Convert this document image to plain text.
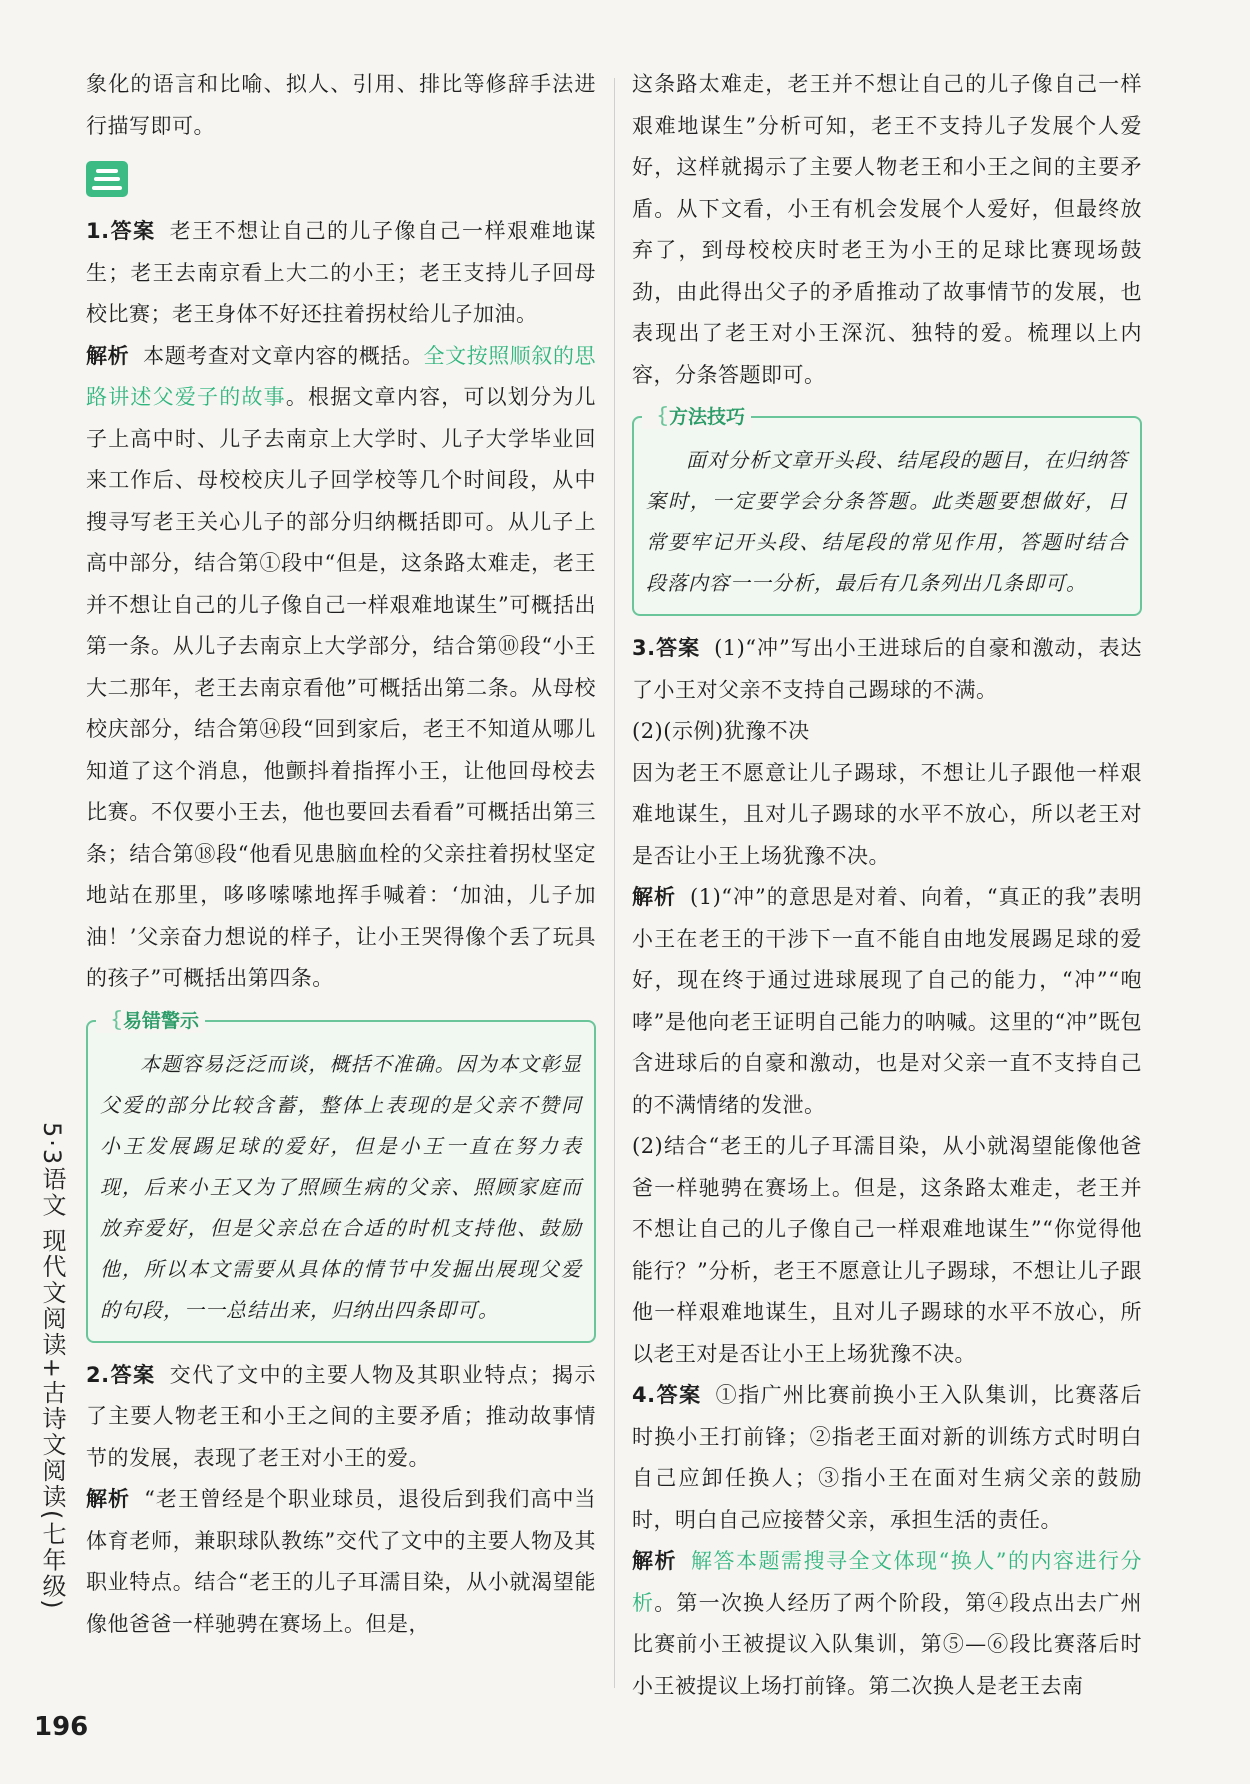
象化的语言和比喻、拟人、引用、排比等修辞手法进行描写即可。

1.答案 老王不想让自己的儿子像自己一样艰难地谋生；老王去南京看上大二的小王；老王支持儿子回母校比赛；老王身体不好还拄着拐杖给儿子加油。

解析 本题考查对文章内容的概括。全文按照顺叙的思路讲述父爱子的故事。根据文章内容，可以划分为儿子上高中时、儿子去南京上大学时、儿子大学毕业回来工作后、母校校庆儿子回学校等几个时间段，从中搜寻写老王关心儿子的部分归纳概括即可。从儿子上高中部分，结合第①段中“但是，这条路太难走，老王并不想让自己的儿子像自己一样艰难地谋生”可概括出第一条。从儿子去南京上大学部分，结合第⑩段“小王大二那年，老王去南京看他”可概括出第二条。从母校校庆部分，结合第⑭段“回到家后，老王不知道从哪儿知道了这个消息，他颤抖着指挥小王，让他回母校去比赛。不仅要小王去，他也要回去看看”可概括出第三条；结合第⑱段“他看见患脑血栓的父亲拄着拐杖坚定地站在那里，哆哆嗦嗦地挥手喊着：‘加油，儿子加油！’父亲奋力想说的样子，让小王哭得像个丢了玩具的孩子”可概括出第四条。

｛ 易错警示

本题容易泛泛而谈，概括不准确。因为本文彰显父爱的部分比较含蓄，整体上表现的是父亲不赞同小王发展踢足球的爱好，但是小王一直在努力表现，后来小王又为了照顾生病的父亲、照顾家庭而放弃爱好，但是父亲总在合适的时机支持他、鼓励他，所以本文需要从具体的情节中发掘出展现父爱的句段，一一总结出来，归纳出四条即可。

2.答案 交代了文中的主要人物及其职业特点；揭示了主要人物老王和小王之间的主要矛盾；推动故事情节的发展，表现了老王对小王的爱。

解析 “老王曾经是个职业球员，退役后到我们高中当体育老师，兼职球队教练”交代了文中的主要人物及其职业特点。结合“老王的儿子耳濡目染，从小就渴望能像他爸爸一样驰骋在赛场上。但是，

这条路太难走，老王并不想让自己的儿子像自己一样艰难地谋生”分析可知，老王不支持儿子发展个人爱好，这样就揭示了主要人物老王和小王之间的主要矛盾。从下文看，小王有机会发展个人爱好，但最终放弃了，到母校校庆时老王为小王的足球比赛现场鼓劲，由此得出父子的矛盾推动了故事情节的发展，也表现出了老王对小王深沉、独特的爱。梳理以上内容，分条答题即可。

｛ 方法技巧

面对分析文章开头段、结尾段的题目，在归纳答案时，一定要学会分条答题。此类题要想做好，日常要牢记开头段、结尾段的常见作用，答题时结合段落内容一一分析，最后有几条列出几条即可。

3.答案 (1)“冲”写出小王进球后的自豪和激动，表达了小王对父亲不支持自己踢球的不满。

(2)(示例)犹豫不决

因为老王不愿意让儿子踢球，不想让儿子跟他一样艰难地谋生，且对儿子踢球的水平不放心，所以老王对是否让小王上场犹豫不决。

解析 (1)“冲”的意思是对着、向着，“真正的我”表明小王在老王的干涉下一直不能自由地发展踢足球的爱好，现在终于通过进球展现了自己的能力，“冲”“咆哮”是他向老王证明自己能力的呐喊。这里的“冲”既包含进球后的自豪和激动，也是对父亲一直不支持自己的不满情绪的发泄。

(2)结合“老王的儿子耳濡目染，从小就渴望能像他爸爸一样驰骋在赛场上。但是，这条路太难走，老王并不想让自己的儿子像自己一样艰难地谋生”“你觉得他能行？”分析，老王不愿意让儿子踢球，不想让儿子跟他一样艰难地谋生，且对儿子踢球的水平不放心，所以老王对是否让小王上场犹豫不决。

4.答案 ①指广州比赛前换小王入队集训，比赛落后时换小王打前锋；②指老王面对新的训练方式时明白自己应卸任换人；③指小王在面对生病父亲的鼓励时，明白自己应接替父亲，承担生活的责任。

解析 解答本题需搜寻全文体现“换人”的内容进行分析。第一次换人经历了两个阶段，第④段点出去广州比赛前小王被提议入队集训，第⑤—⑥段比赛落后时小王被提议上场打前锋。第二次换人是老王去南

5·3语文 现代文阅读+古诗文阅读(七年级)
196
